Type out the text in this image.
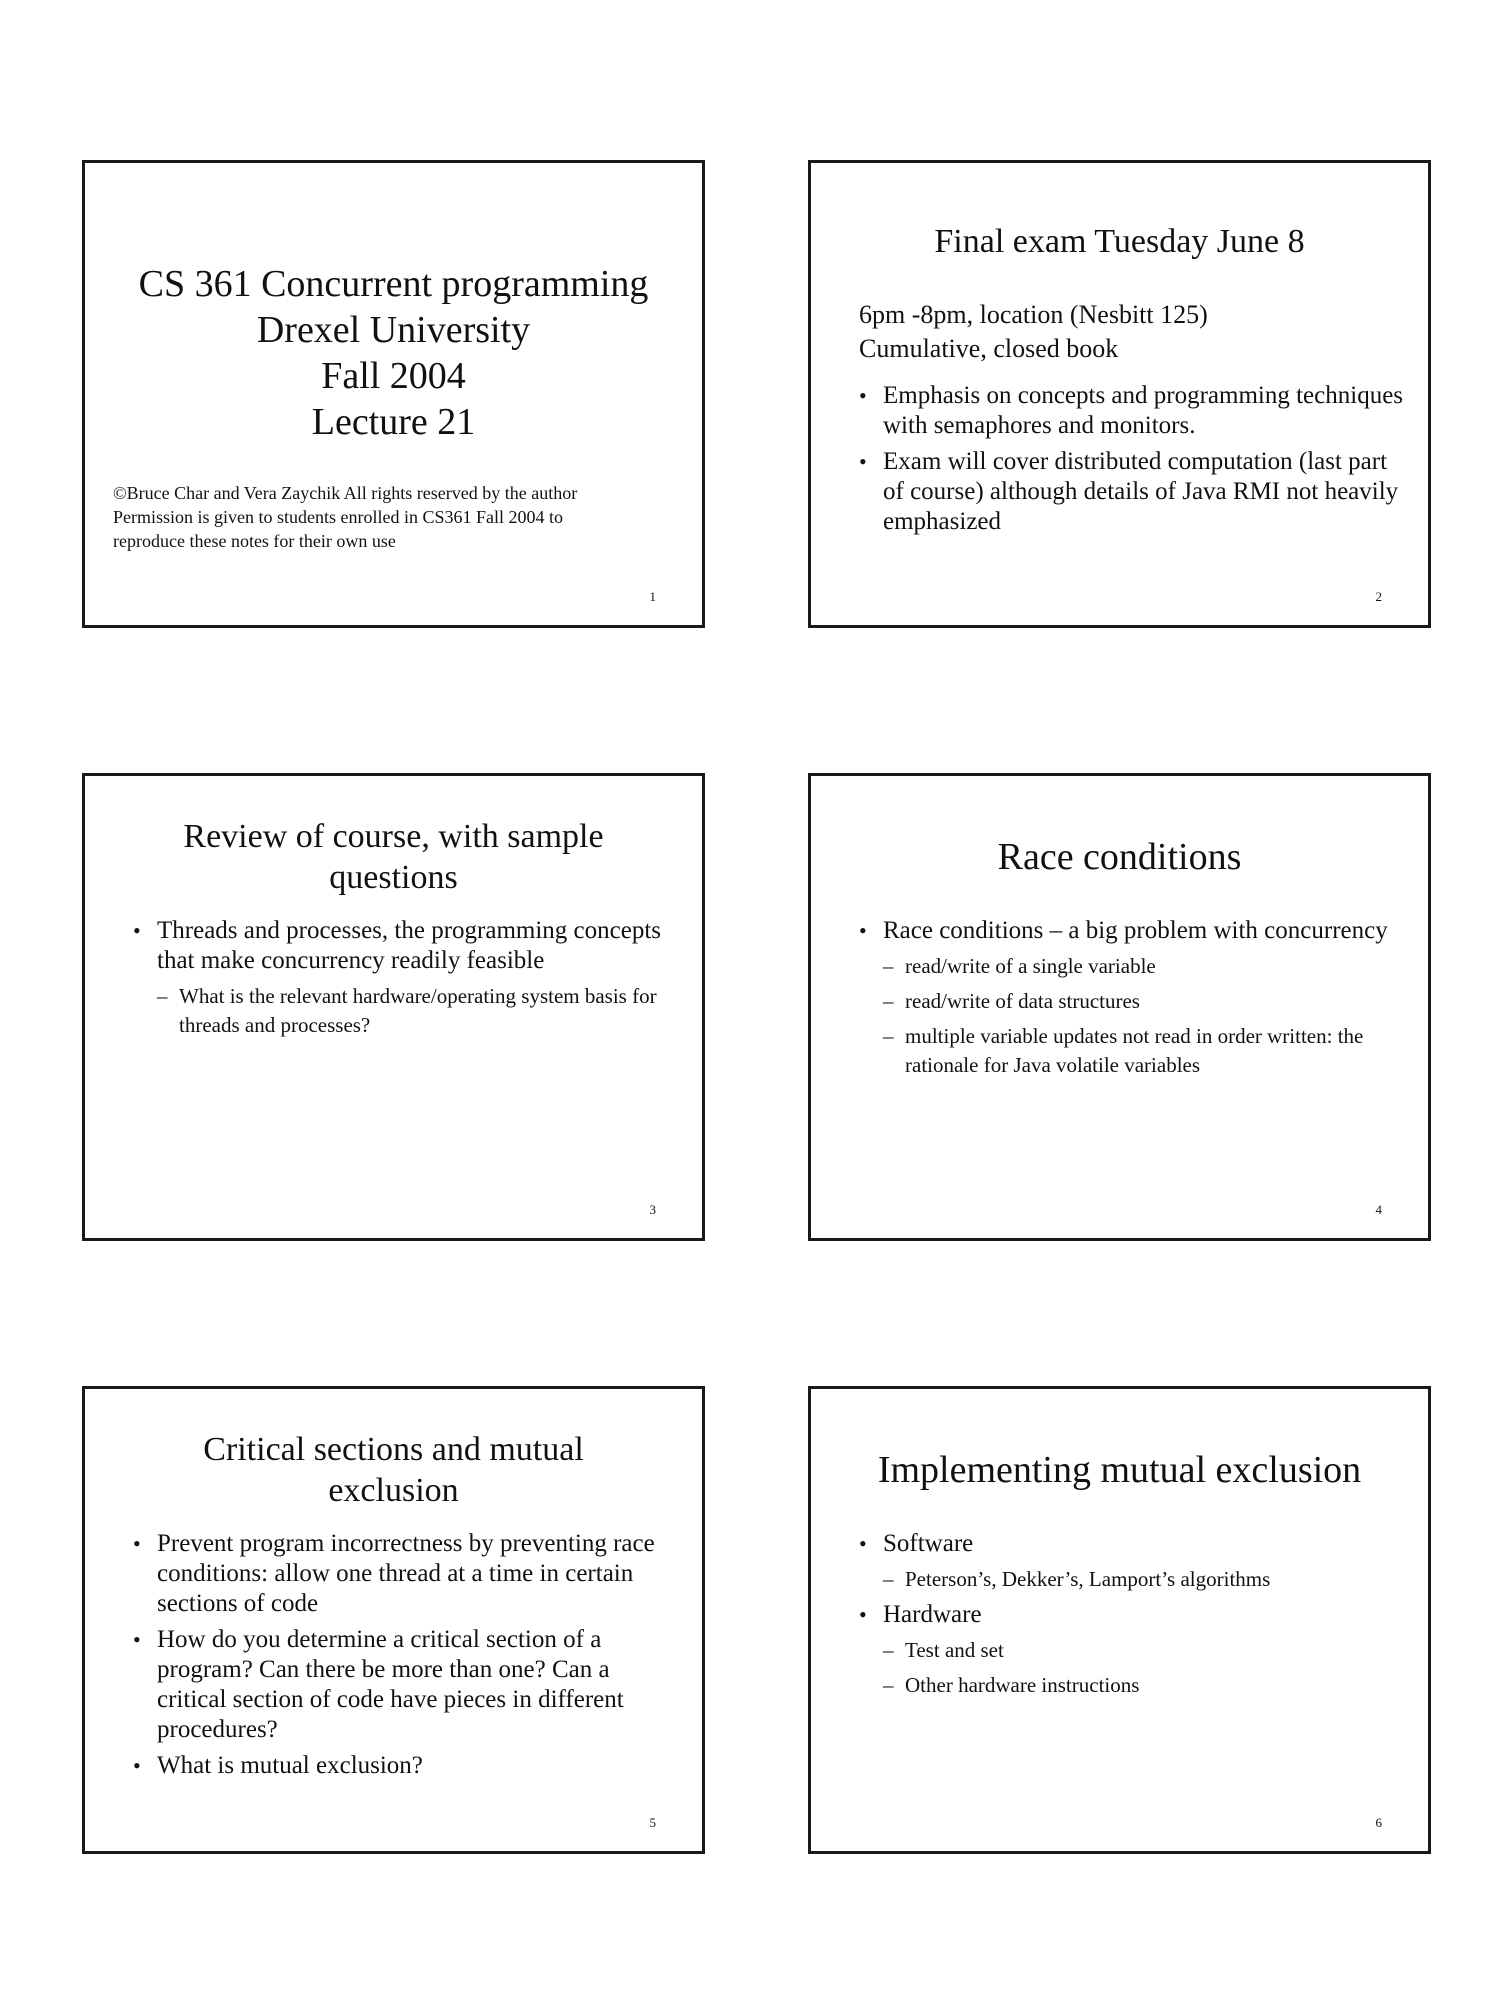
CS 361 Concurrent programming
Drexel University
Fall 2004
Lecture 21
©Bruce Char and Vera Zaychik All rights reserved by the author
Permission is given to students enrolled in CS361 Fall 2004 to
reproduce these notes for their own use
1
Final exam Tuesday June 8
6pm -8pm, location (Nesbitt 125)
Cumulative, closed book
• Emphasis on concepts and programming techniques with semaphores and monitors.
• Exam will cover distributed computation (last part of course) although details of Java RMI not heavily emphasized
2
Review of course, with sample
questions
• Threads and processes, the programming concepts that make concurrency readily feasible
– What is the relevant hardware/operating system basis for threads and processes?
3
Race conditions
• Race conditions – a big problem with concurrency
– read/write of a single variable
– read/write of data structures
– multiple variable updates not read in order written: the rationale for Java volatile variables
4
Critical sections and mutual
exclusion
• Prevent program incorrectness by preventing race conditions: allow one thread at a time in certain sections of code
• How do you determine a critical section of a program? Can there be more than one? Can a critical section of code have pieces in different procedures?
• What is mutual exclusion?
5
Implementing mutual exclusion
• Software
– Peterson’s, Dekker’s, Lamport’s algorithms
• Hardware
– Test and set
– Other hardware instructions
6
